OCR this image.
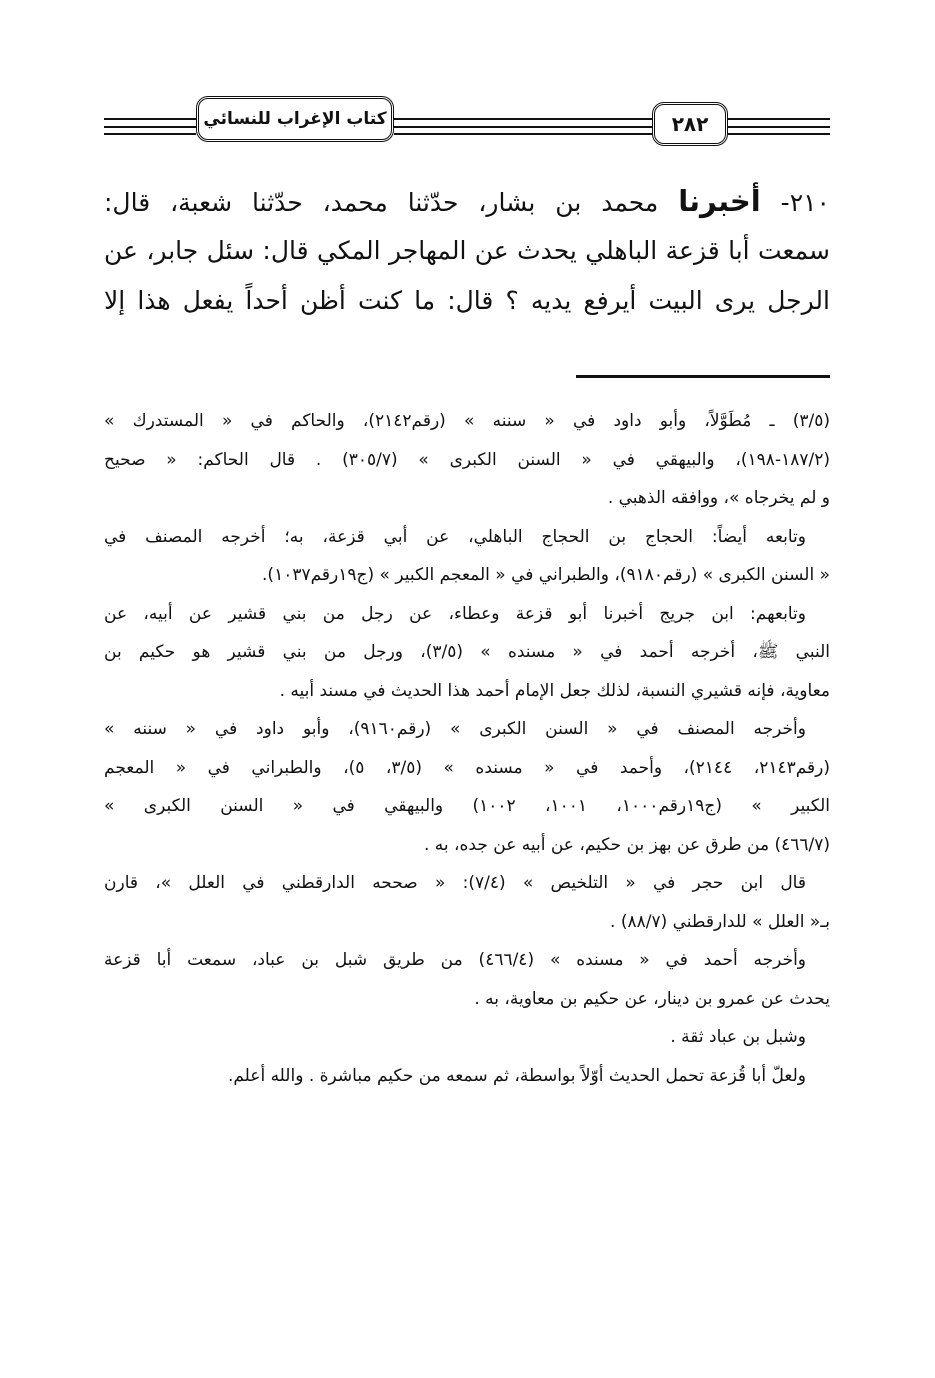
كتاب الإغراب للنسائي	٢٨٢
٢١٠- أخبرنا محمد بن بشار، حدّثنا محمد، حدّثنا شعبة، قال:
سمعت أبا قزعة الباهلي يحدث عن المهاجر المكي قال: سئل جابر، عن
الرجل يرى البيت أيرفع يديه ؟ قال: ما كنت أظن أحداً يفعل هذا إلا
(٣/٥) ـ مُطَوَّلاً، وأبو داود في « سننه » (رقم٢١٤٢)، والحاكم في « المستدرك »
(١٨٧/٢-١٩٨)، والبيهقي في « السنن الكبرى » (٣٠٥/٧) . قال الحاكم: « صحيح
و لم يخرجاه »، ووافقه الذهبي .
وتابعه أيضاً: الحجاج بن الحجاج الباهلي، عن أبي قزعة، به؛ أخرجه المصنف في
« السنن الكبرى » (رقم٩١٨٠)، والطبراني في « المعجم الكبير » (ج١٩رقم١٠٣٧).
وتابعهم: ابن جريج أخبرنا أبو قزعة وعطاء، عن رجل من بني قشير عن أبيه، عن
النبي ﷺ، أخرجه أحمد في « مسنده » (٣/٥)، ورجل من بني قشير هو حكيم بن
معاوية، فإنه قشيري النسبة، لذلك جعل الإمام أحمد هذا الحديث في مسند أبيه .
وأخرجه المصنف في « السنن الكبرى » (رقم٩١٦٠)، وأبو داود في « سننه »
(رقم٢١٤٣، ٢١٤٤)، وأحمد في « مسنده » (٣/٥، ٥)، والطبراني في « المعجم
الكبير » (ج١٩رقم١٠٠٠، ١٠٠١، ١٠٠٢) والبيهقي في « السنن الكبرى »
(٤٦٦/٧) من طرق عن بهز بن حكيم، عن أبيه عن جده، به .
قال ابن حجر في « التلخيص » (٧/٤): « صححه الدارقطني في العلل »، قارن
بـ« العلل » للدارقطني (٨٨/٧) .
وأخرجه أحمد في « مسنده » (٤٦٦/٤) من طريق شبل بن عباد، سمعت أبا قزعة
يحدث عن عمرو بن دينار، عن حكيم بن معاوية، به .
وشبل بن عباد ثقة .
ولعلّ أبا قُزعة تحمل الحديث أوّلاً بواسطة، ثم سمعه من حكيم مباشرة . والله أعلم.
